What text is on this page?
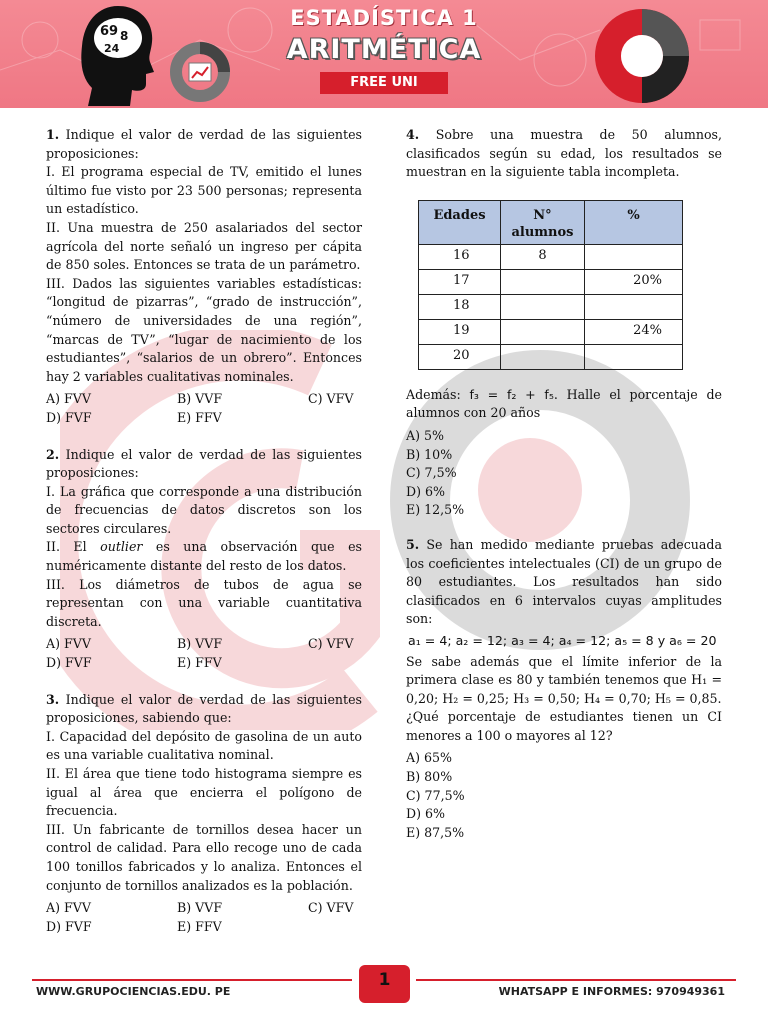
69 8
24
ESTADÍSTICA 1
ARITMÉTICA
FREE UNI
1. Indique el valor de verdad de las siguientes proposiciones:
I. El programa especial de TV, emitido el lunes último fue visto por 23 500 personas; representa un estadístico.
II. Una muestra de 250 asalariados del sector agrícola del norte señaló un ingreso per cápita de 850 soles. Entonces se trata de un parámetro.
III. Dados las siguientes variables estadísticas: “longitud de pizarras”, “grado de instrucción”, “número de universidades de una región”, “marcas de TV”, “lugar de nacimiento de los estudiantes”, “salarios de un obrero”. Entonces hay 2 variables cualitativas nominales.
A) FVV	B) VVF	C) VFV
D) FVF	E) FFV
2. Indique el valor de verdad de las siguientes proposiciones:
I. La gráfica que corresponde a una distribución de frecuencias de datos discretos son los sectores circulares.
II. El outlier es una observación que es numéricamente distante del resto de los datos.
III. Los diámetros de tubos de agua se representan con una variable cuantitativa discreta.
A) FVV	B) VVF	C) VFV
D) FVF	E) FFV
3. Indique el valor de verdad de las siguientes proposiciones, sabiendo que:
I. Capacidad del depósito de gasolina de un auto es una variable cualitativa nominal.
II. El área que tiene todo histograma siempre es igual al área que encierra el polígono de frecuencia.
III. Un fabricante de tornillos desea hacer un control de calidad. Para ello recoge uno de cada 100 tonillos fabricados y lo analiza. Entonces el conjunto de tornillos analizados es la población.
A) FVV	B) VVF	C) VFV
D) FVF	E) FFV
4. Sobre una muestra de 50 alumnos, clasificados según su edad, los resultados se muestran en la siguiente tabla incompleta.
Edades	N° alumnos	%
16	8	
17		20%
18		
19		24%
20		
Además: f₃ = f₂ + f₅. Halle el porcentaje de alumnos con 20 años
A) 5%
B) 10%
C) 7,5%
D) 6%
E) 12,5%
5. Se han medido mediante pruebas adecuada los coeficientes intelectuales (CI) de un grupo de 80 estudiantes. Los resultados han sido clasificados en 6 intervalos cuyas amplitudes son:
a₁ = 4; a₂ = 12; a₃ = 4; a₄ = 12; a₅ = 8 y a₆ = 20
Se sabe además que el límite inferior de la primera clase es 80 y también tenemos que H₁ = 0,20; H₂ = 0,25; H₃ = 0,50; H₄ = 0,70; H₅ = 0,85.
¿Qué porcentaje de estudiantes tienen un CI menores a 100 o mayores al 12?
A) 65%
B) 80%
C) 77,5%
D) 6%
E) 87,5%
WWW.GRUPOCIENCIAS.EDU. PE
1
WHATSAPP E INFORMES: 970949361
